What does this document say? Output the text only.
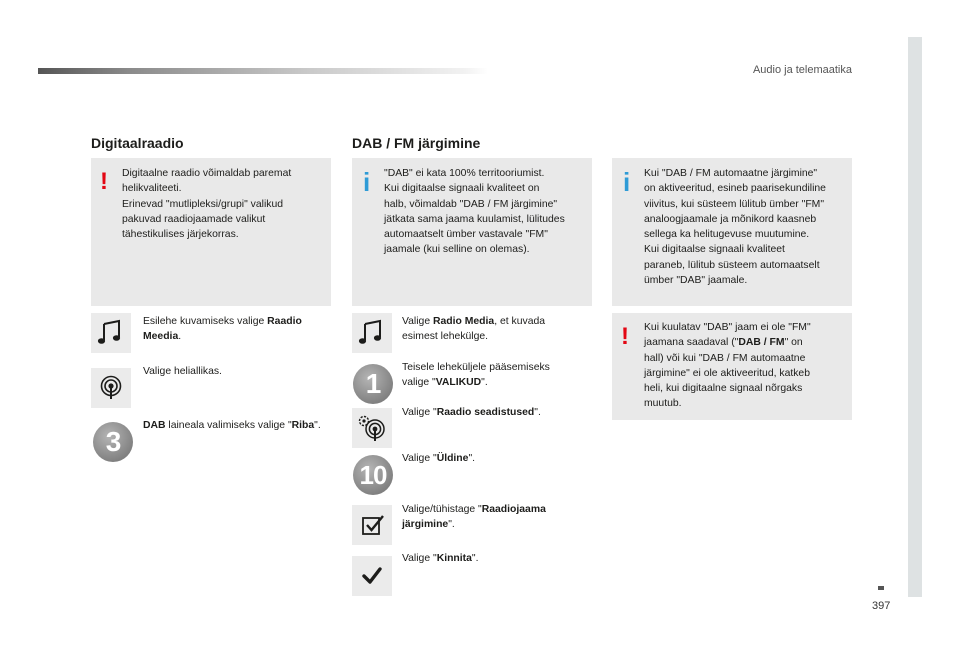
Audio ja telemaatika
397
Digitaalraadio
! Digitaalne raadio võimaldab paremat
helikvaliteeti.
Erinevad "mutlipleksi/grupi" valikud
pakuvad raadiojaamade valikut
tähestikulises järjekorras.
Esilehe kuvamiseks valige Raadio
Meedia.
Valige heliallikas.
3
DAB laineala valimiseks valige "Riba".
DAB / FM järgimine
i "DAB" ei kata 100% territooriumist.
Kui digitaalse signaali kvaliteet on
halb, võimaldab "DAB / FM järgimine"
jätkata sama jaama kuulamist, lülitudes
automaatselt ümber vastavale "FM"
jaamale (kui selline on olemas).
i Kui "DAB / FM automaatne järgimine"
on aktiveeritud, esineb paarisekundiline
viivitus, kui süsteem lülitub ümber "FM"
analoogjaamale ja mõnikord kaasneb
sellega ka helitugevuse muutumine.
Kui digitaalse signaali kvaliteet
paraneb, lülitub süsteem automaatselt
ümber "DAB" jaamale.
! Kui kuulatav "DAB" jaam ei ole "FM"
jaamana saadaval ("DAB / FM" on
hall) või kui "DAB / FM automaatne
järgimine" ei ole aktiveeritud, katkeb
heli, kui digitaalne signaal nõrgaks
muutub.
Valige Radio Media, et kuvada
esimest lehekülge.
1
Teisele leheküljele pääsemiseks
valige "VALIKUD".
Valige "Raadio seadistused".
10
Valige "Üldine".
Valige/tühistage "Raadiojaama
järgimine".
Valige "Kinnita".
